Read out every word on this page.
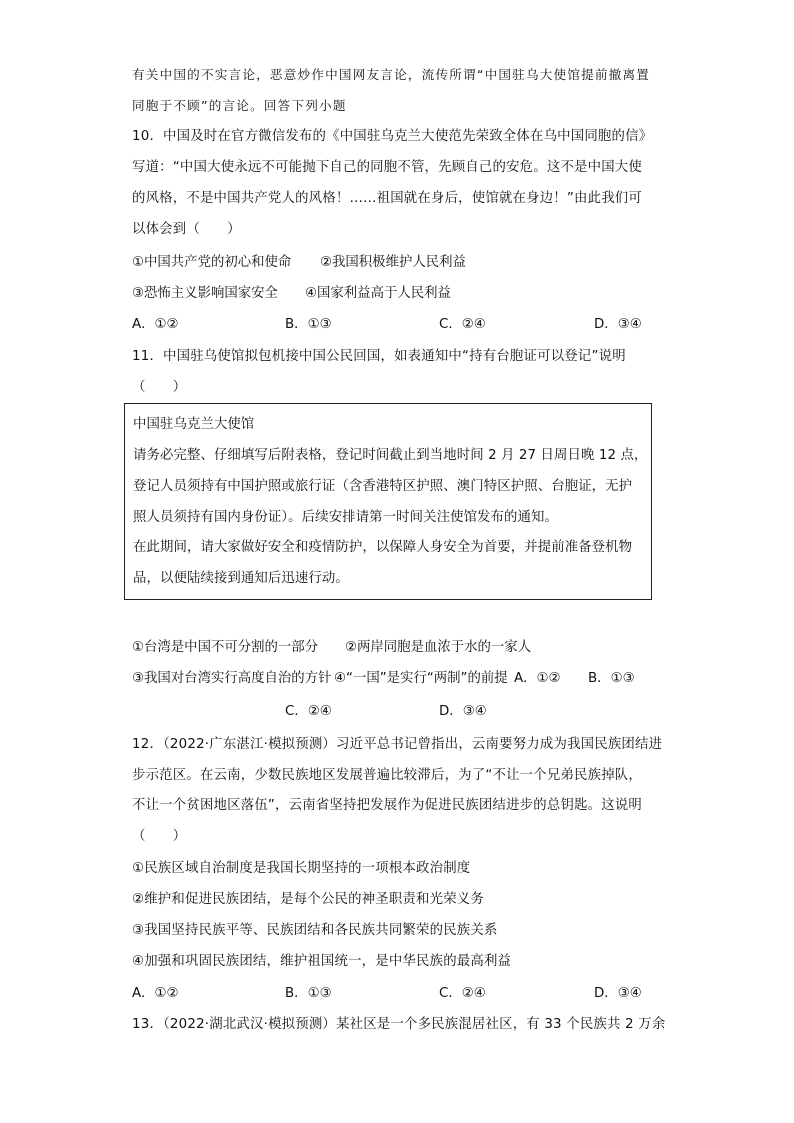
有关中国的不实言论，恶意炒作中国网友言论，流传所谓“中国驻乌大使馆提前撤离置
同胞于不顾”的言论。回答下列小题
10．中国及时在官方微信发布的《中国驻乌克兰大使范先荣致全体在乌中国同胞的信》
写道：“中国大使永远不可能抛下自己的同胞不管，先顾自己的安危。这不是中国大使
的风格，不是中国共产党人的风格！……祖国就在身后，使馆就在身边！”由此我们可
以体会到（　　）
①中国共产党的初心和使命 ②我国积极维护人民利益
③恐怖主义影响国家安全 ④国家利益高于人民利益
A．①②	B．①③	C．②④	D．③④
11．中国驻乌使馆拟包机接中国公民回国，如表通知中“持有台胞证可以登记”说明
（　　）
中国驻乌克兰大使馆
请务必完整、仔细填写后附表格，登记时间截止到当地时间 2 月 27 日周日晚 12 点，
登记人员须持有中国护照或旅行证（含香港特区护照、澳门特区护照、台胞证，无护
照人员须持有国内身份证）。后续安排请第一时间关注使馆发布的通知。
在此期间，请大家做好安全和疫情防护，以保障人身安全为首要，并提前准备登机物
品，以便陆续接到通知后迅速行动。
①台湾是中国不可分割的一部分 ②两岸同胞是血浓于水的一家人
③我国对台湾实行高度自治的方针 ④“一国”是实行“两制”的前提 A．①② B．①③
C．②④	D．③④
12．（2022·广东湛江·模拟预测）习近平总书记曾指出，云南要努力成为我国民族团结进
步示范区。在云南，少数民族地区发展普遍比较滞后，为了“不让一个兄弟民族掉队，
不让一个贫困地区落伍”，云南省坚持把发展作为促进民族团结进步的总钥匙。这说明
（　　）
①民族区域自治制度是我国长期坚持的一项根本政治制度
②维护和促进民族团结，是每个公民的神圣职责和光荣义务
③我国坚持民族平等、民族团结和各民族共同繁荣的民族关系
④加强和巩固民族团结，维护祖国统一，是中华民族的最高利益
A．①②	B．①③	C．②④	D．③④
13．（2022·湖北武汉·模拟预测）某社区是一个多民族混居社区，有 33 个民族共 2 万余
